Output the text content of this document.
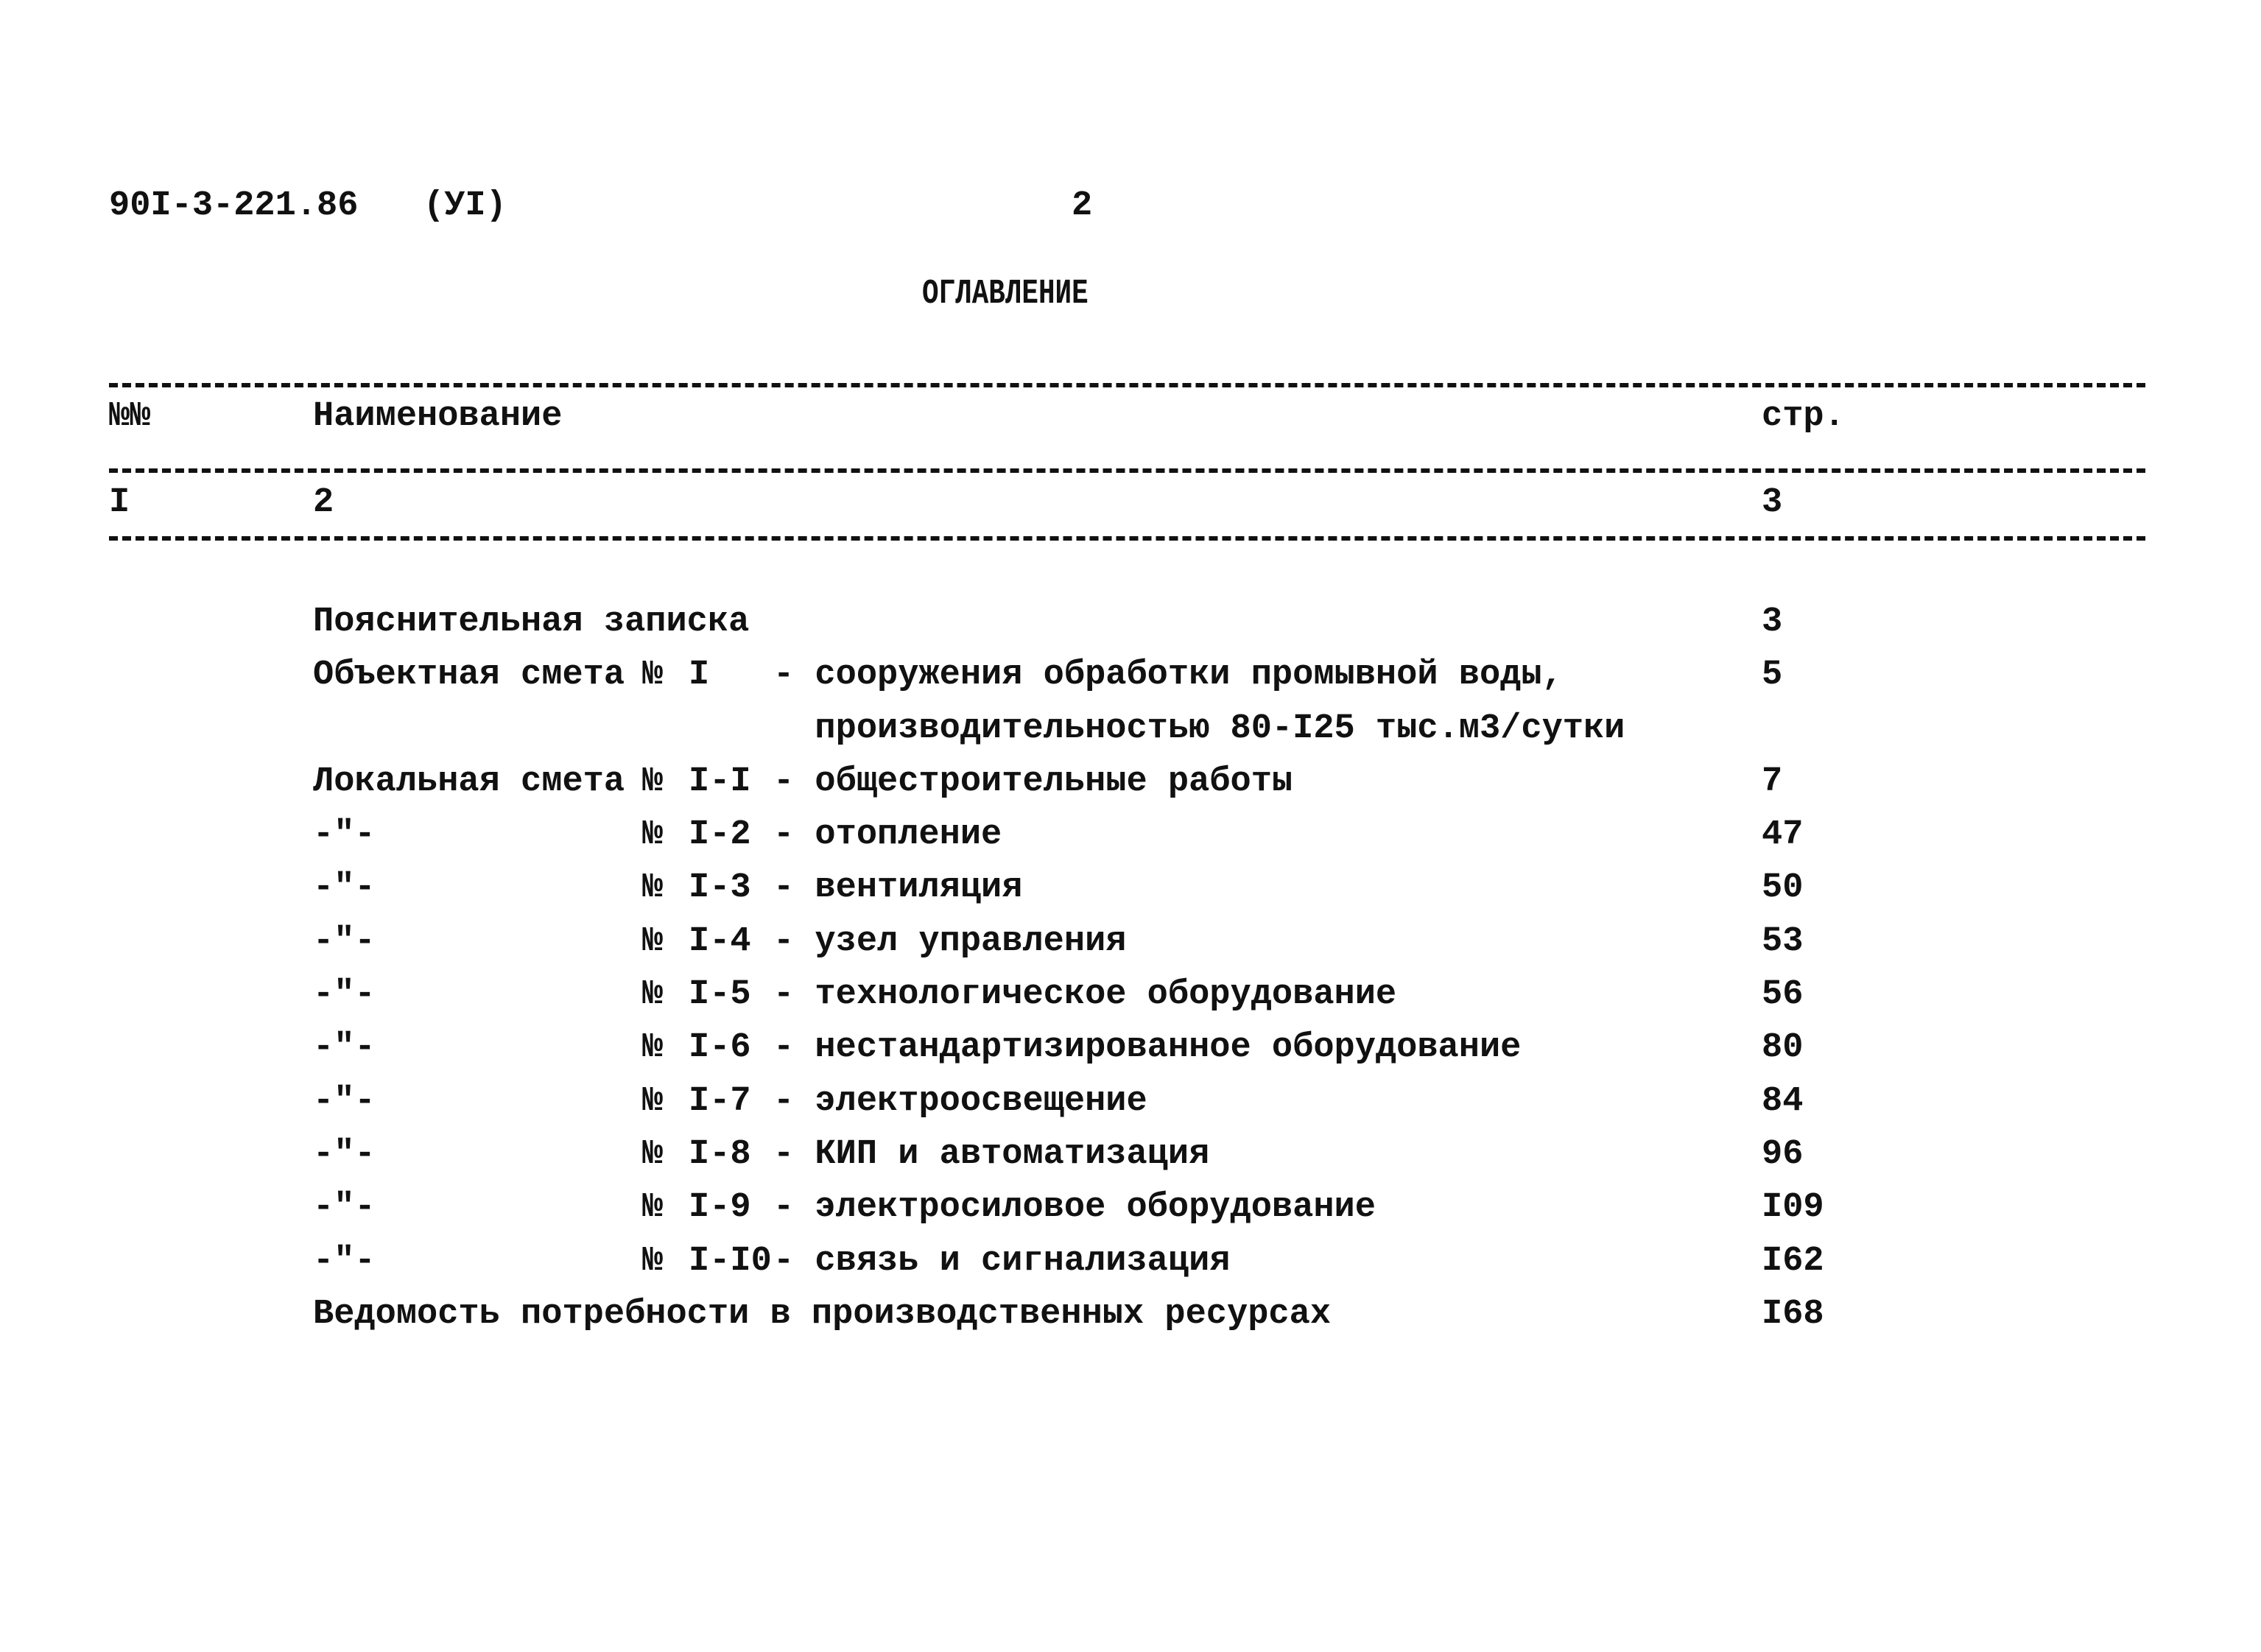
90I-3-221.86 (УI)	2
ОГЛАВЛЕНИЕ
№№	Наименование	стр.
I	2	3
Пояснительная записка	3
Объектная смета № I - сооружения обработки промывной воды,	5
производительностью 80-I25 тыс.м3/сутки
Локальная смета № I-I - общестроительные работы	7
-"-	№ I-2 - отопление	47
-"-	№ I-3 - вентиляция	50
-"-	№ I-4 - узел управления	53
-"-	№ I-5 - технологическое оборудование	56
-"-	№ I-6 - нестандартизированное оборудование	80
-"-	№ I-7 - электроосвещение	84
-"-	№ I-8 - КИП и автоматизация	96
-"-	№ I-9 - электросиловое оборудование	I09
-"-	№ I-I0 - связь и сигнализация	I62
Ведомость потребности в производственных ресурсах	I68
